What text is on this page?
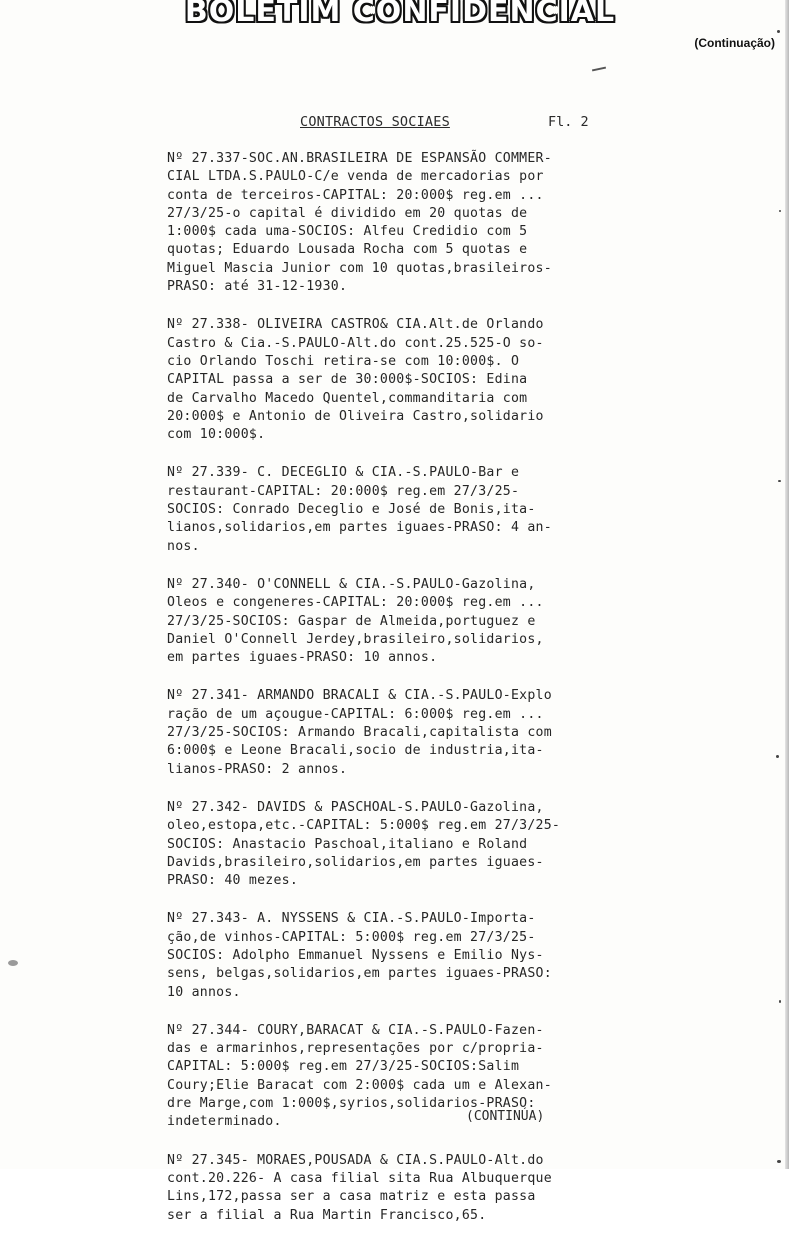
BOLETIM CONFIDENCIAL
(Continuação)
CONTRACTOS SOCIAES	Fl. 2
Nº 27.337-SOC.AN.BRASILEIRA DE ESPANSÃO COMMER-
CIAL LTDA.S.PAULO-C/e venda de mercadorias por
conta de terceiros-CAPITAL: 20:000$ reg.em ...
27/3/25-o capital é dividido em 20 quotas de
1:000$ cada uma-SOCIOS: Alfeu Credidio com 5
quotas; Eduardo Lousada Rocha com 5 quotas e
Miguel Mascia Junior com 10 quotas,brasileiros-
PRASO: até 31-12-1930.
Nº 27.338- OLIVEIRA CASTRO& CIA.Alt.de Orlando
Castro & Cia.-S.PAULO-Alt.do cont.25.525-O so-
cio Orlando Toschi retira-se com 10:000$. O
CAPITAL passa a ser de 30:000$-SOCIOS: Edina
de Carvalho Macedo Quentel,commanditaria com
20:000$ e Antonio de Oliveira Castro,solidario
com 10:000$.
Nº 27.339- C. DECEGLIO & CIA.-S.PAULO-Bar e
restaurant-CAPITAL: 20:000$ reg.em 27/3/25-
SOCIOS: Conrado Deceglio e José de Bonis,ita-
lianos,solidarios,em partes iguaes-PRASO: 4 an-
nos.
Nº 27.340- O'CONNELL & CIA.-S.PAULO-Gazolina,
Oleos e congeneres-CAPITAL: 20:000$ reg.em ...
27/3/25-SOCIOS: Gaspar de Almeida,portuguez e
Daniel O'Connell Jerdey,brasileiro,solidarios,
em partes iguaes-PRASO: 10 annos.
Nº 27.341- ARMANDO BRACALI & CIA.-S.PAULO-Explo
ração de um açougue-CAPITAL: 6:000$ reg.em ...
27/3/25-SOCIOS: Armando Bracali,capitalista com
6:000$ e Leone Bracali,socio de industria,ita-
lianos-PRASO: 2 annos.
Nº 27.342- DAVIDS & PASCHOAL-S.PAULO-Gazolina,
oleo,estopa,etc.-CAPITAL: 5:000$ reg.em 27/3/25-
SOCIOS: Anastacio Paschoal,italiano e Roland
Davids,brasileiro,solidarios,em partes iguaes-
PRASO: 40 mezes.
Nº 27.343- A. NYSSENS & CIA.-S.PAULO-Importa-
ção,de vinhos-CAPITAL: 5:000$ reg.em 27/3/25-
SOCIOS: Adolpho Emmanuel Nyssens e Emilio Nys-
sens, belgas,solidarios,em partes iguaes-PRASO:
10 annos.
Nº 27.344- COURY,BARACAT & CIA.-S.PAULO-Fazen-
das e armarinhos,representações por c/propria-
CAPITAL: 5:000$ reg.em 27/3/25-SOCIOS:Salim
Coury;Elie Baracat com 2:000$ cada um e Alexan-
dre Marge,com 1:000$,syrios,solidarios-PRASO:
indeterminado.
Nº 27.345- MORAES,POUSADA & CIA.S.PAULO-Alt.do
cont.20.226- A casa filial sita Rua Albuquerque
Lins,172,passa ser a casa matriz e esta passa
ser a filial a Rua Martin Francisco,65.
(CONTINÚA)
